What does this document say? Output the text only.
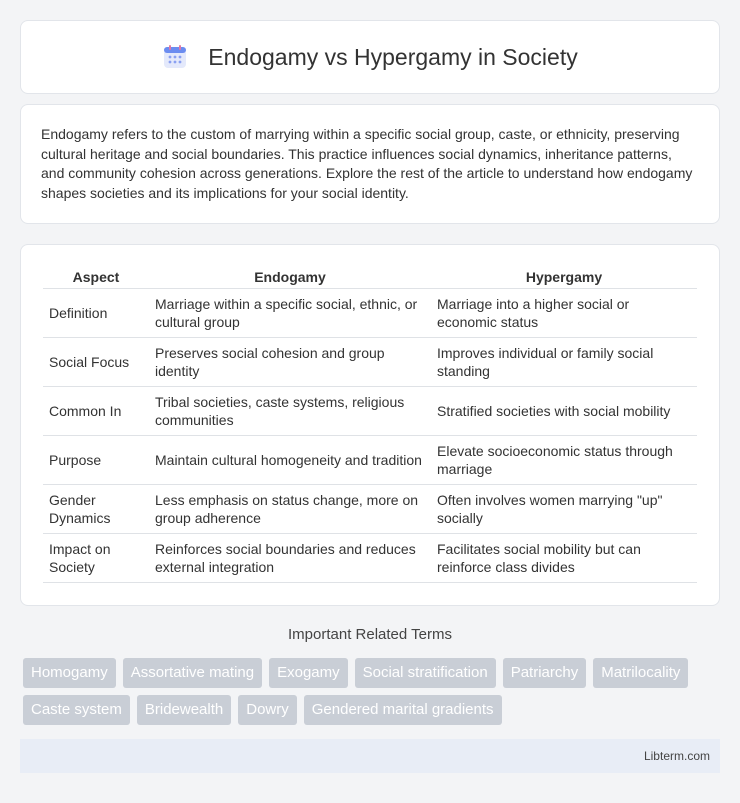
Endogamy vs Hypergamy in Society

Endogamy refers to the custom of marrying within a specific social group, caste, or ethnicity, preserving cultural heritage and social boundaries. This practice influences social dynamics, inheritance patterns, and community cohesion across generations. Explore the rest of the article to understand how endogamy shapes societies and its implications for your social identity.

Aspect	Endogamy	Hypergamy
Definition	Marriage within a specific social, ethnic, or cultural group	Marriage into a higher social or economic status
Social Focus	Preserves social cohesion and group identity	Improves individual or family social standing
Common In	Tribal societies, caste systems, religious communities	Stratified societies with social mobility
Purpose	Maintain cultural homogeneity and tradition	Elevate socioeconomic status through marriage
Gender Dynamics	Less emphasis on status change, more on group adherence	Often involves women marrying "up" socially
Impact on Society	Reinforces social boundaries and reduces external integration	Facilitates social mobility but can reinforce class divides
Important Related Terms
Homogamy	Assortative mating	Exogamy	Social stratification	Patriarchy	Matrilocality
Caste system	Bridewealth	Dowry	Gendered marital gradients
Libterm.com
